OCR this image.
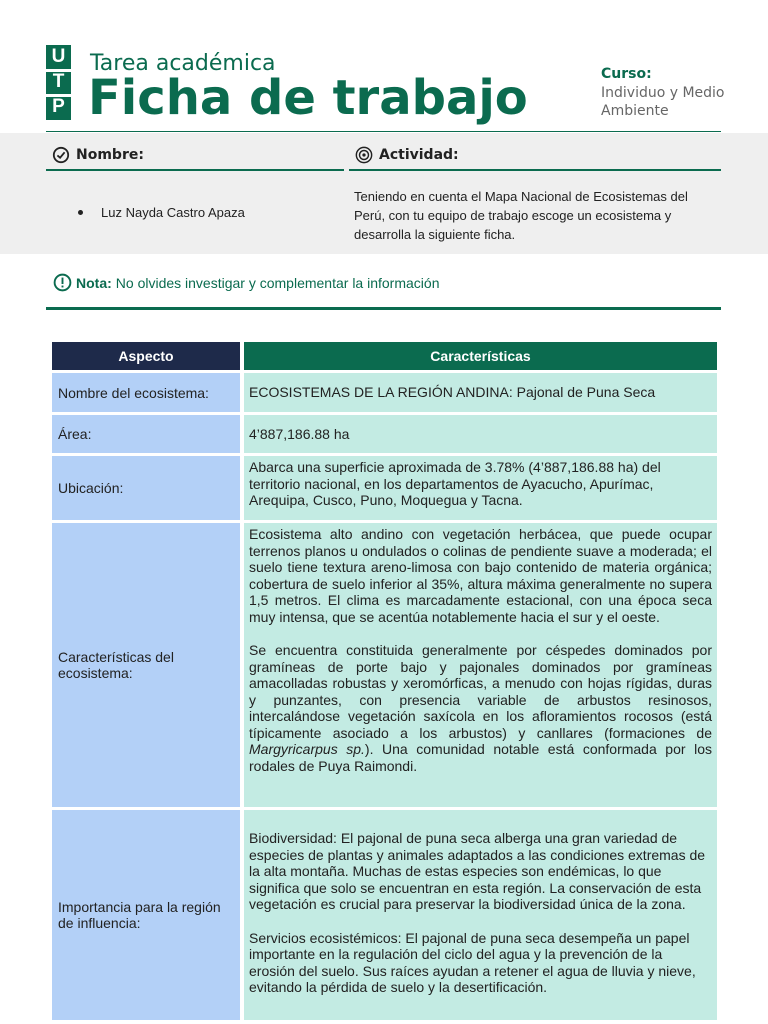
U
T
P
Tarea académica
Ficha de trabajo	Curso:
Individuo y Medio Ambiente
Nombre:	Actividad:
Luz Nayda Castro Apaza
Teniendo en cuenta el Mapa Nacional de Ecosistemas del Perú, con tu equipo de trabajo escoge un ecosistema y desarrolla la siguiente ficha.
Nota: No olvides investigar y complementar la información
Aspecto	Características
Nombre del ecosistema:	ECOSISTEMAS DE LA REGIÓN ANDINA: Pajonal de Puna Seca
Área:	4’887,186.88 ha
Ubicación:	Abarca una superficie aproximada de 3.78% (4’887,186.88 ha) del territorio nacional, en los departamentos de Ayacucho, Apurímac, Arequipa, Cusco, Puno, Moquegua y Tacna.
Características del ecosistema:	Ecosistema alto andino con vegetación herbácea, que puede ocupar terrenos planos u ondulados o colinas de pendiente suave a moderada; el suelo tiene textura areno-limosa con bajo contenido de materia orgánica; cobertura de suelo inferior al 35%, altura máxima generalmente no supera 1,5 metros. El clima es marcadamente estacional, con una época seca muy intensa, que se acentúa notablemente hacia el sur y el oeste.
Se encuentra constituida generalmente por céspedes dominados por gramíneas de porte bajo y pajonales dominados por gramíneas amacolladas robustas y xeromórficas, a menudo con hojas rígidas, duras y punzantes, con presencia variable de arbustos resinosos, intercalándose vegetación saxícola en los afloramientos rocosos (está típicamente asociado a los arbustos) y canllares (formaciones de Margyricarpus sp.). Una comunidad notable está conformada por los rodales de Puya Raimondi.

Importancia para la región de influencia:	Biodiversidad: El pajonal de puna seca alberga una gran variedad de especies de plantas y animales adaptados a las condiciones extremas de la alta montaña. Muchas de estas especies son endémicas, lo que significa que solo se encuentran en esta región. La conservación de esta vegetación es crucial para preservar la biodiversidad única de la zona.
Servicios ecosistémicos: El pajonal de puna seca desempeña un papel importante en la regulación del ciclo del agua y la prevención de la erosión del suelo. Sus raíces ayudan a retener el agua de lluvia y nieve, evitando la pérdida de suelo y la desertificación.
